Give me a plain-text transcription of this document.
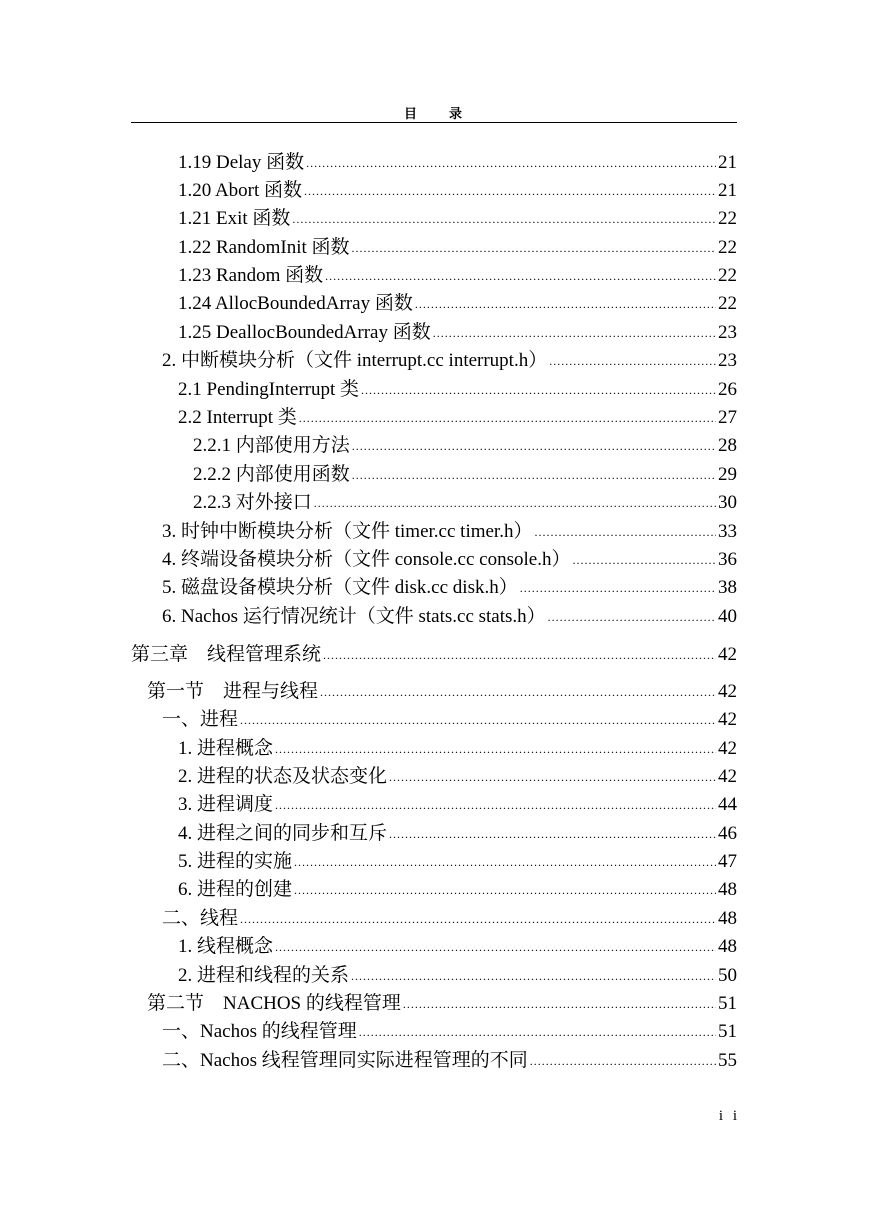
目　　录
1.19 Delay 函数 .....	21
1.20 Abort 函数 .....	21
1.21 Exit 函数 .....	22
1.22 RandomInit 函数 .....	22
1.23 Random 函数 .....	22
1.24 AllocBoundedArray 函数 .....	22
1.25 DeallocBoundedArray 函数 .....	23
2. 中断模块分析（文件 interrupt.cc interrupt.h） .....	23
2.1 PendingInterrupt 类 .....	26
2.2 Interrupt 类 .....	27
2.2.1 内部使用方法 .....	28
2.2.2 内部使用函数 .....	29
2.2.3 对外接口 .....	30
3. 时钟中断模块分析（文件 timer.cc timer.h） .....	33
4. 终端设备模块分析（文件 console.cc console.h） .....	36
5. 磁盘设备模块分析（文件 disk.cc disk.h） .....	38
6. Nachos 运行情况统计（文件 stats.cc stats.h） .....	40
第三章　线程管理系统 .....	42
第一节　进程与线程 .....	42
一、进程 .....	42
1. 进程概念 .....	42
2. 进程的状态及状态变化 .....	42
3. 进程调度 .....	44
4. 进程之间的同步和互斥 .....	46
5. 进程的实施 .....	47
6. 进程的创建 .....	48
二、线程 .....	48
1. 线程概念 .....	48
2. 进程和线程的关系 .....	50
第二节　NACHOS 的线程管理 .....	51
一、Nachos 的线程管理 .....	51
二、Nachos 线程管理同实际进程管理的不同 .....	55
i i
